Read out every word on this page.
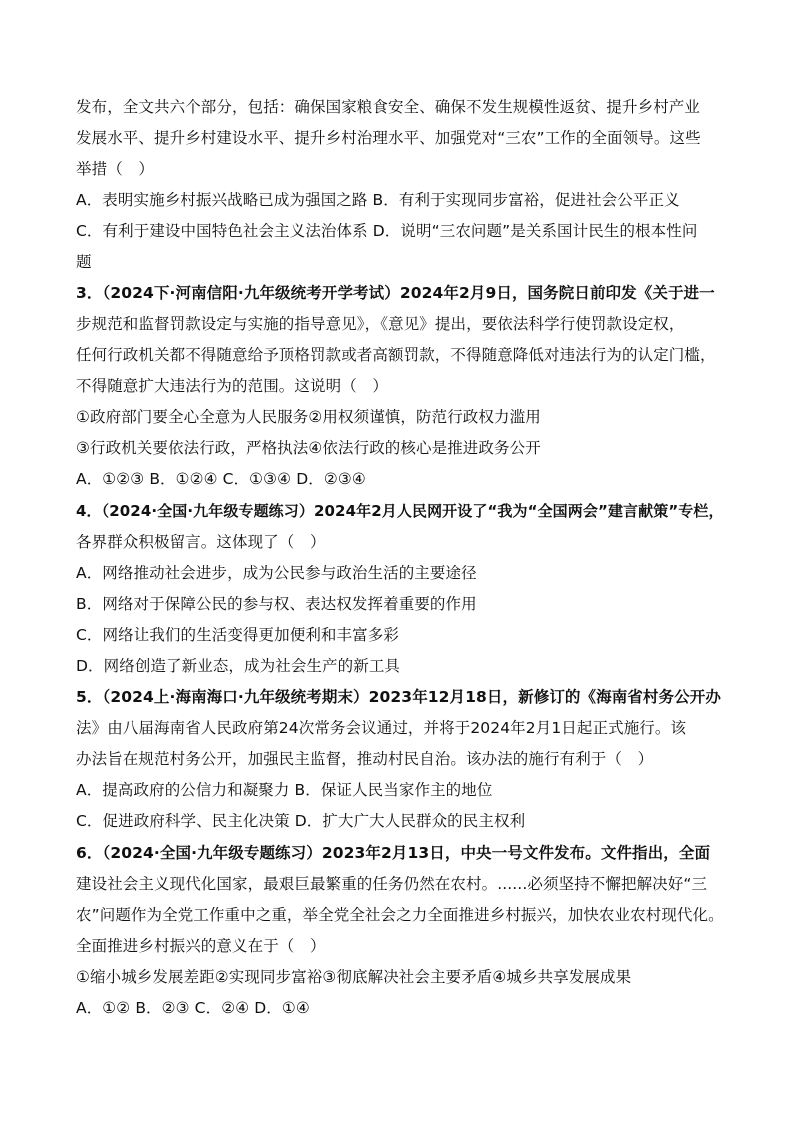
发布，全文共六个部分，包括：确保国家粮食安全、确保不发生规模性返贫、提升乡村产业
发展水平、提升乡村建设水平、提升乡村治理水平、加强党对“三农”工作的全面领导。这些
举措（　）
A．表明实施乡村振兴战略已成为强国之路 B．有利于实现同步富裕，促进社会公平正义
C．有利于建设中国特色社会主义法治体系 D．说明“三农问题”是关系国计民生的根本性问
题
3．（2024下·河南信阳·九年级统考开学考试）2024年2月9日，国务院日前印发《关于进一
步规范和监督罚款设定与实施的指导意见》，《意见》提出，要依法科学行使罚款设定权，
任何行政机关都不得随意给予顶格罚款或者高额罚款，不得随意降低对违法行为的认定门槛，
不得随意扩大违法行为的范围。这说明（　）
①政府部门要全心全意为人民服务②用权须谨慎，防范行政权力滥用
③行政机关要依法行政，严格执法④依法行政的核心是推进政务公开
A．①②③ B．①②④ C．①③④ D．②③④
4．（2024·全国·九年级专题练习）2024年2月人民网开设了“我为“全国两会”建言献策”专栏，
各界群众积极留言。这体现了（　）
A．网络推动社会进步，成为公民参与政治生活的主要途径
B．网络对于保障公民的参与权、表达权发挥着重要的作用
C．网络让我们的生活变得更加便利和丰富多彩
D．网络创造了新业态，成为社会生产的新工具
5．（2024上·海南海口·九年级统考期末）2023年12月18日，新修订的《海南省村务公开办
法》由八届海南省人民政府第24次常务会议通过，并将于2024年2月1日起正式施行。该
办法旨在规范村务公开，加强民主监督，推动村民自治。该办法的施行有利于（　）
A．提高政府的公信力和凝聚力 B．保证人民当家作主的地位
C．促进政府科学、民主化决策 D．扩大广大人民群众的民主权利
6．（2024·全国·九年级专题练习）2023年2月13日，中央一号文件发布。文件指出，全面
建设社会主义现代化国家，最艰巨最繁重的任务仍然在农村。......必须坚持不懈把解决好“三
农”问题作为全党工作重中之重，举全党全社会之力全面推进乡村振兴，加快农业农村现代化。
全面推进乡村振兴的意义在于（　）
①缩小城乡发展差距②实现同步富裕③彻底解决社会主要矛盾④城乡共享发展成果
A．①② B．②③ C．②④ D．①④
